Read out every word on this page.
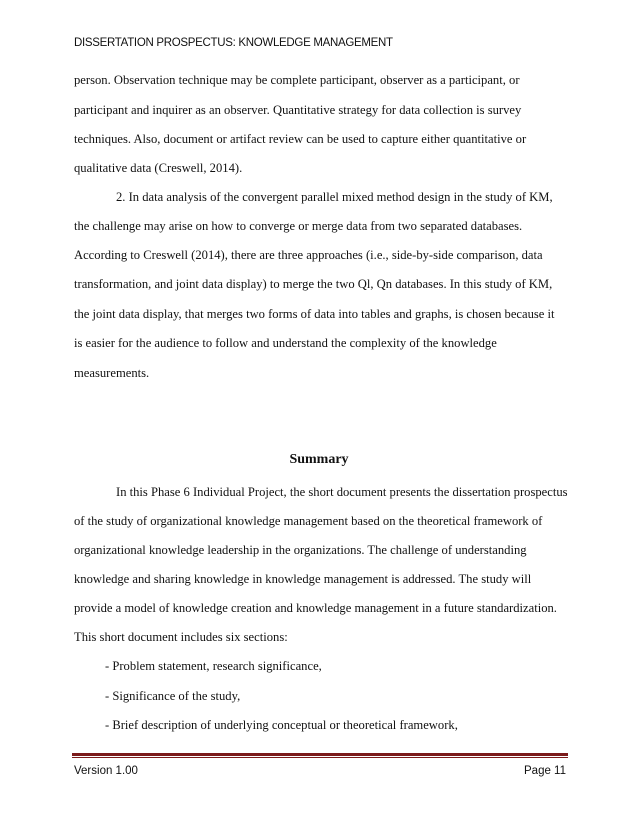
DISSERTATION PROSPECTUS: KNOWLEDGE MANAGEMENT
person. Observation technique may be complete participant, observer as a participant, or
participant and inquirer as an observer. Quantitative strategy for data collection is survey
techniques. Also, document or artifact review can be used to capture either quantitative or
qualitative data (Creswell, 2014).
2. In data analysis of the convergent parallel mixed method design in the study of KM,
the challenge may arise on how to converge or merge data from two separated databases.
According to Creswell (2014), there are three approaches (i.e., side-by-side comparison, data
transformation, and joint data display) to merge the two Ql, Qn databases. In this study of KM,
the joint data display, that merges two forms of data into tables and graphs, is chosen because it
is easier for the audience to follow and understand the complexity of the knowledge
measurements.
Summary
In this Phase 6 Individual Project, the short document presents the dissertation prospectus
of the study of organizational knowledge management based on the theoretical framework of
organizational knowledge leadership in the organizations. The challenge of understanding
knowledge and sharing knowledge in knowledge management is addressed. The study will
provide a model of knowledge creation and knowledge management in a future standardization.
This short document includes six sections:
- Problem statement, research significance,
- Significance of the study,
- Brief description of underlying conceptual or theoretical framework,
Version 1.00	Page 11
